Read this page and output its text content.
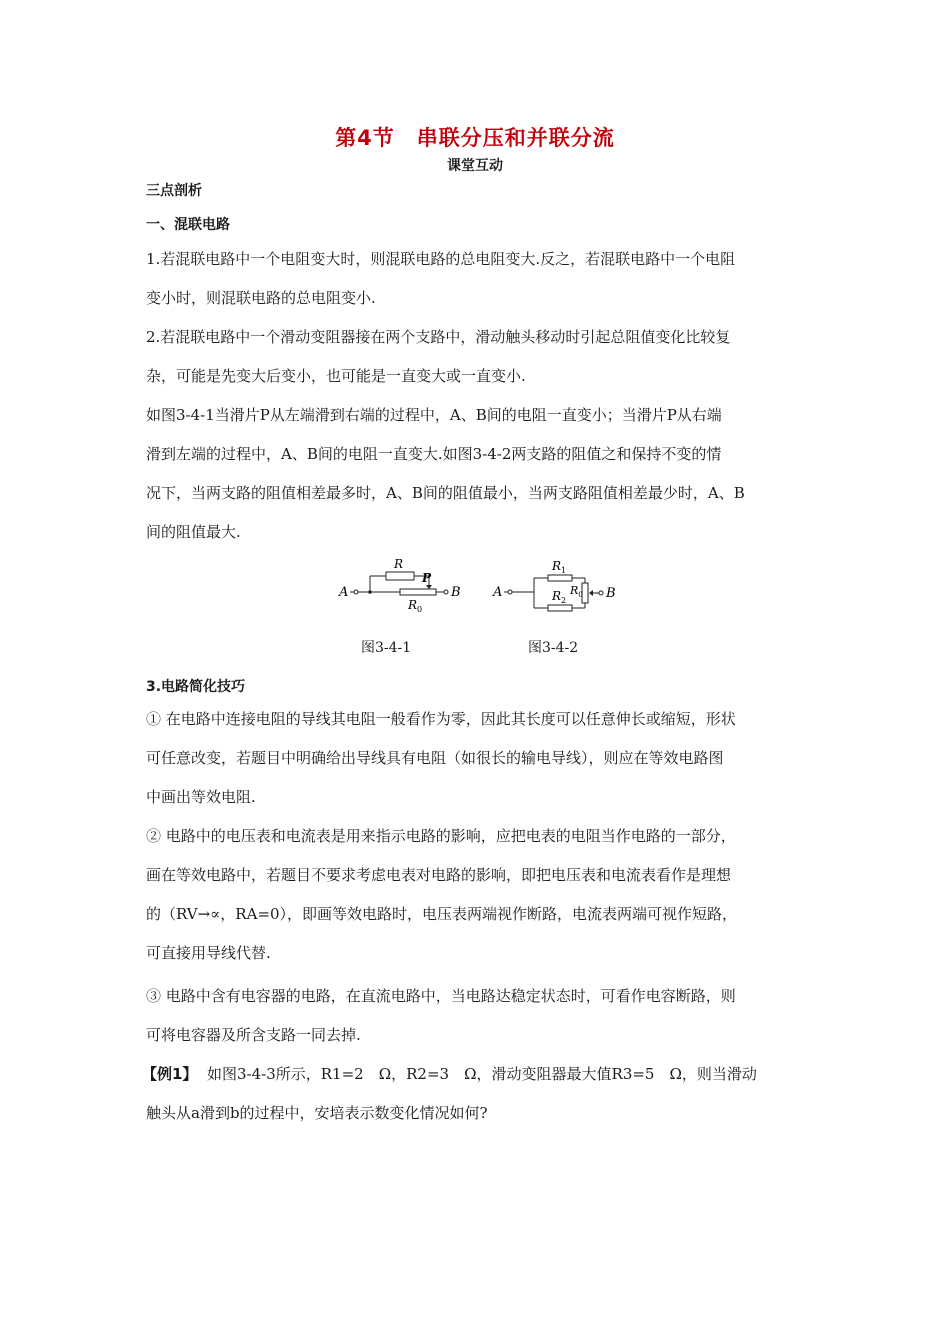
第4节　串联分压和并联分流
课堂互动
三点剖析
一、混联电路
1.若混联电路中一个电阻变大时，则混联电路的总电阻变大.反之，若混联电路中一个电阻
变小时，则混联电路的总电阻变小.
2.若混联电路中一个滑动变阻器接在两个支路中，滑动触头移动时引起总阻值变化比较复
杂，可能是先变大后变小，也可能是一直变大或一直变小.
如图3-4-1当滑片P从左端滑到右端的过程中，A、B间的电阻一直变小；当滑片P从右端
滑到左端的过程中，A、B间的电阻一直变大.如图3-4-2两支路的阻值之和保持不变的情
况下，当两支路的阻值相差最多时，A、B间的阻值最小，当两支路阻值相差最少时，A、B
间的阻值最大.
A
R
P
B
$R_0$
A	B
$R_1$
$R_2$
$R_0$
图3-4-1	图3-4-2
3.电路简化技巧
① 在电路中连接电阻的导线其电阻一般看作为零，因此其长度可以任意伸长或缩短，形状
可任意改变，若题目中明确给出导线具有电阻（如很长的输电导线），则应在等效电路图
中画出等效电阻.
② 电路中的电压表和电流表是用来指示电路的影响，应把电表的电阻当作电路的一部分，
画在等效电路中，若题目不要求考虑电表对电路的影响，即把电压表和电流表看作是理想
的（RV→∝，RA=0），即画等效电路时，电压表两端视作断路，电流表两端可视作短路，
可直接用导线代替.
③ 电路中含有电容器的电路，在直流电路中，当电路达稳定状态时，可看作电容断路，则
可将电容器及所含支路一同去掉.
【例1】 如图3-4-3所示，R1=2　Ω，R2=3　Ω，滑动变阻器最大值R3=5　Ω，则当滑动
触头从a滑到b的过程中，安培表示数变化情况如何?
